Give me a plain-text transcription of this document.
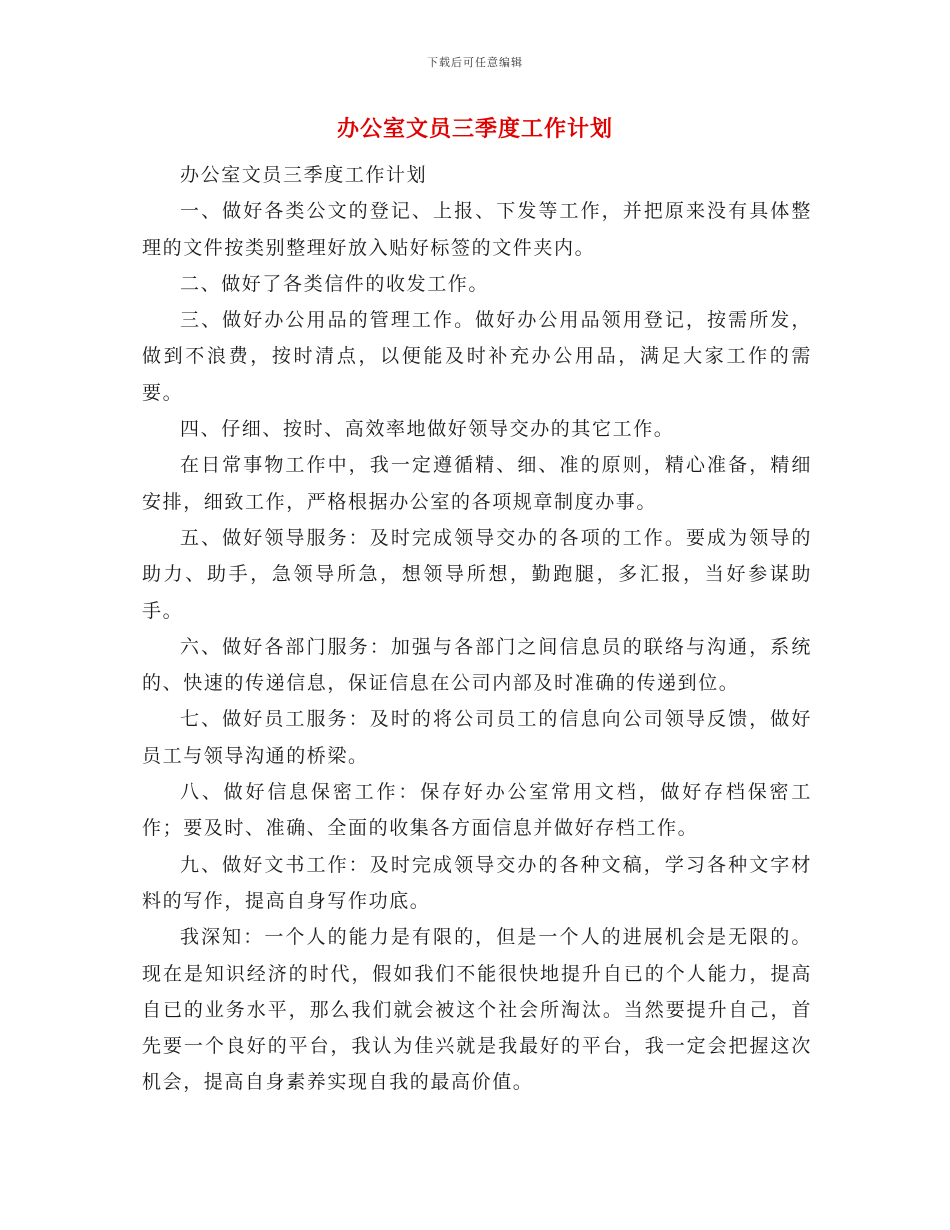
下载后可任意编辑
办公室文员三季度工作计划

办公室文员三季度工作计划

一、做好各类公文的登记、上报、下发等工作，并把原来没有具体整理的文件按类别整理好放入贴好标签的文件夹内。

二、做好了各类信件的收发工作。

三、做好办公用品的管理工作。做好办公用品领用登记，按需所发，做到不浪费，按时清点，以便能及时补充办公用品，满足大家工作的需要。

四、仔细、按时、高效率地做好领导交办的其它工作。

在日常事物工作中，我一定遵循精、细、准的原则，精心准备，精细安排，细致工作，严格根据办公室的各项规章制度办事。

五、做好领导服务：及时完成领导交办的各项的工作。要成为领导的助力、助手，急领导所急，想领导所想，勤跑腿，多汇报，当好参谋助手。

六、做好各部门服务：加强与各部门之间信息员的联络与沟通，系统的、快速的传递信息，保证信息在公司内部及时准确的传递到位。

七、做好员工服务：及时的将公司员工的信息向公司领导反馈，做好员工与领导沟通的桥梁。

八、做好信息保密工作：保存好办公室常用文档，做好存档保密工作；要及时、准确、全面的收集各方面信息并做好存档工作。

九、做好文书工作：及时完成领导交办的各种文稿，学习各种文字材料的写作，提高自身写作功底。

我深知：一个人的能力是有限的，但是一个人的进展机会是无限的。现在是知识经济的时代，假如我们不能很快地提升自已的个人能力，提高自已的业务水平，那么我们就会被这个社会所淘汰。当然要提升自己，首先要一个良好的平台，我认为佳兴就是我最好的平台，我一定会把握这次机会，提高自身素养实现自我的最高价值。
